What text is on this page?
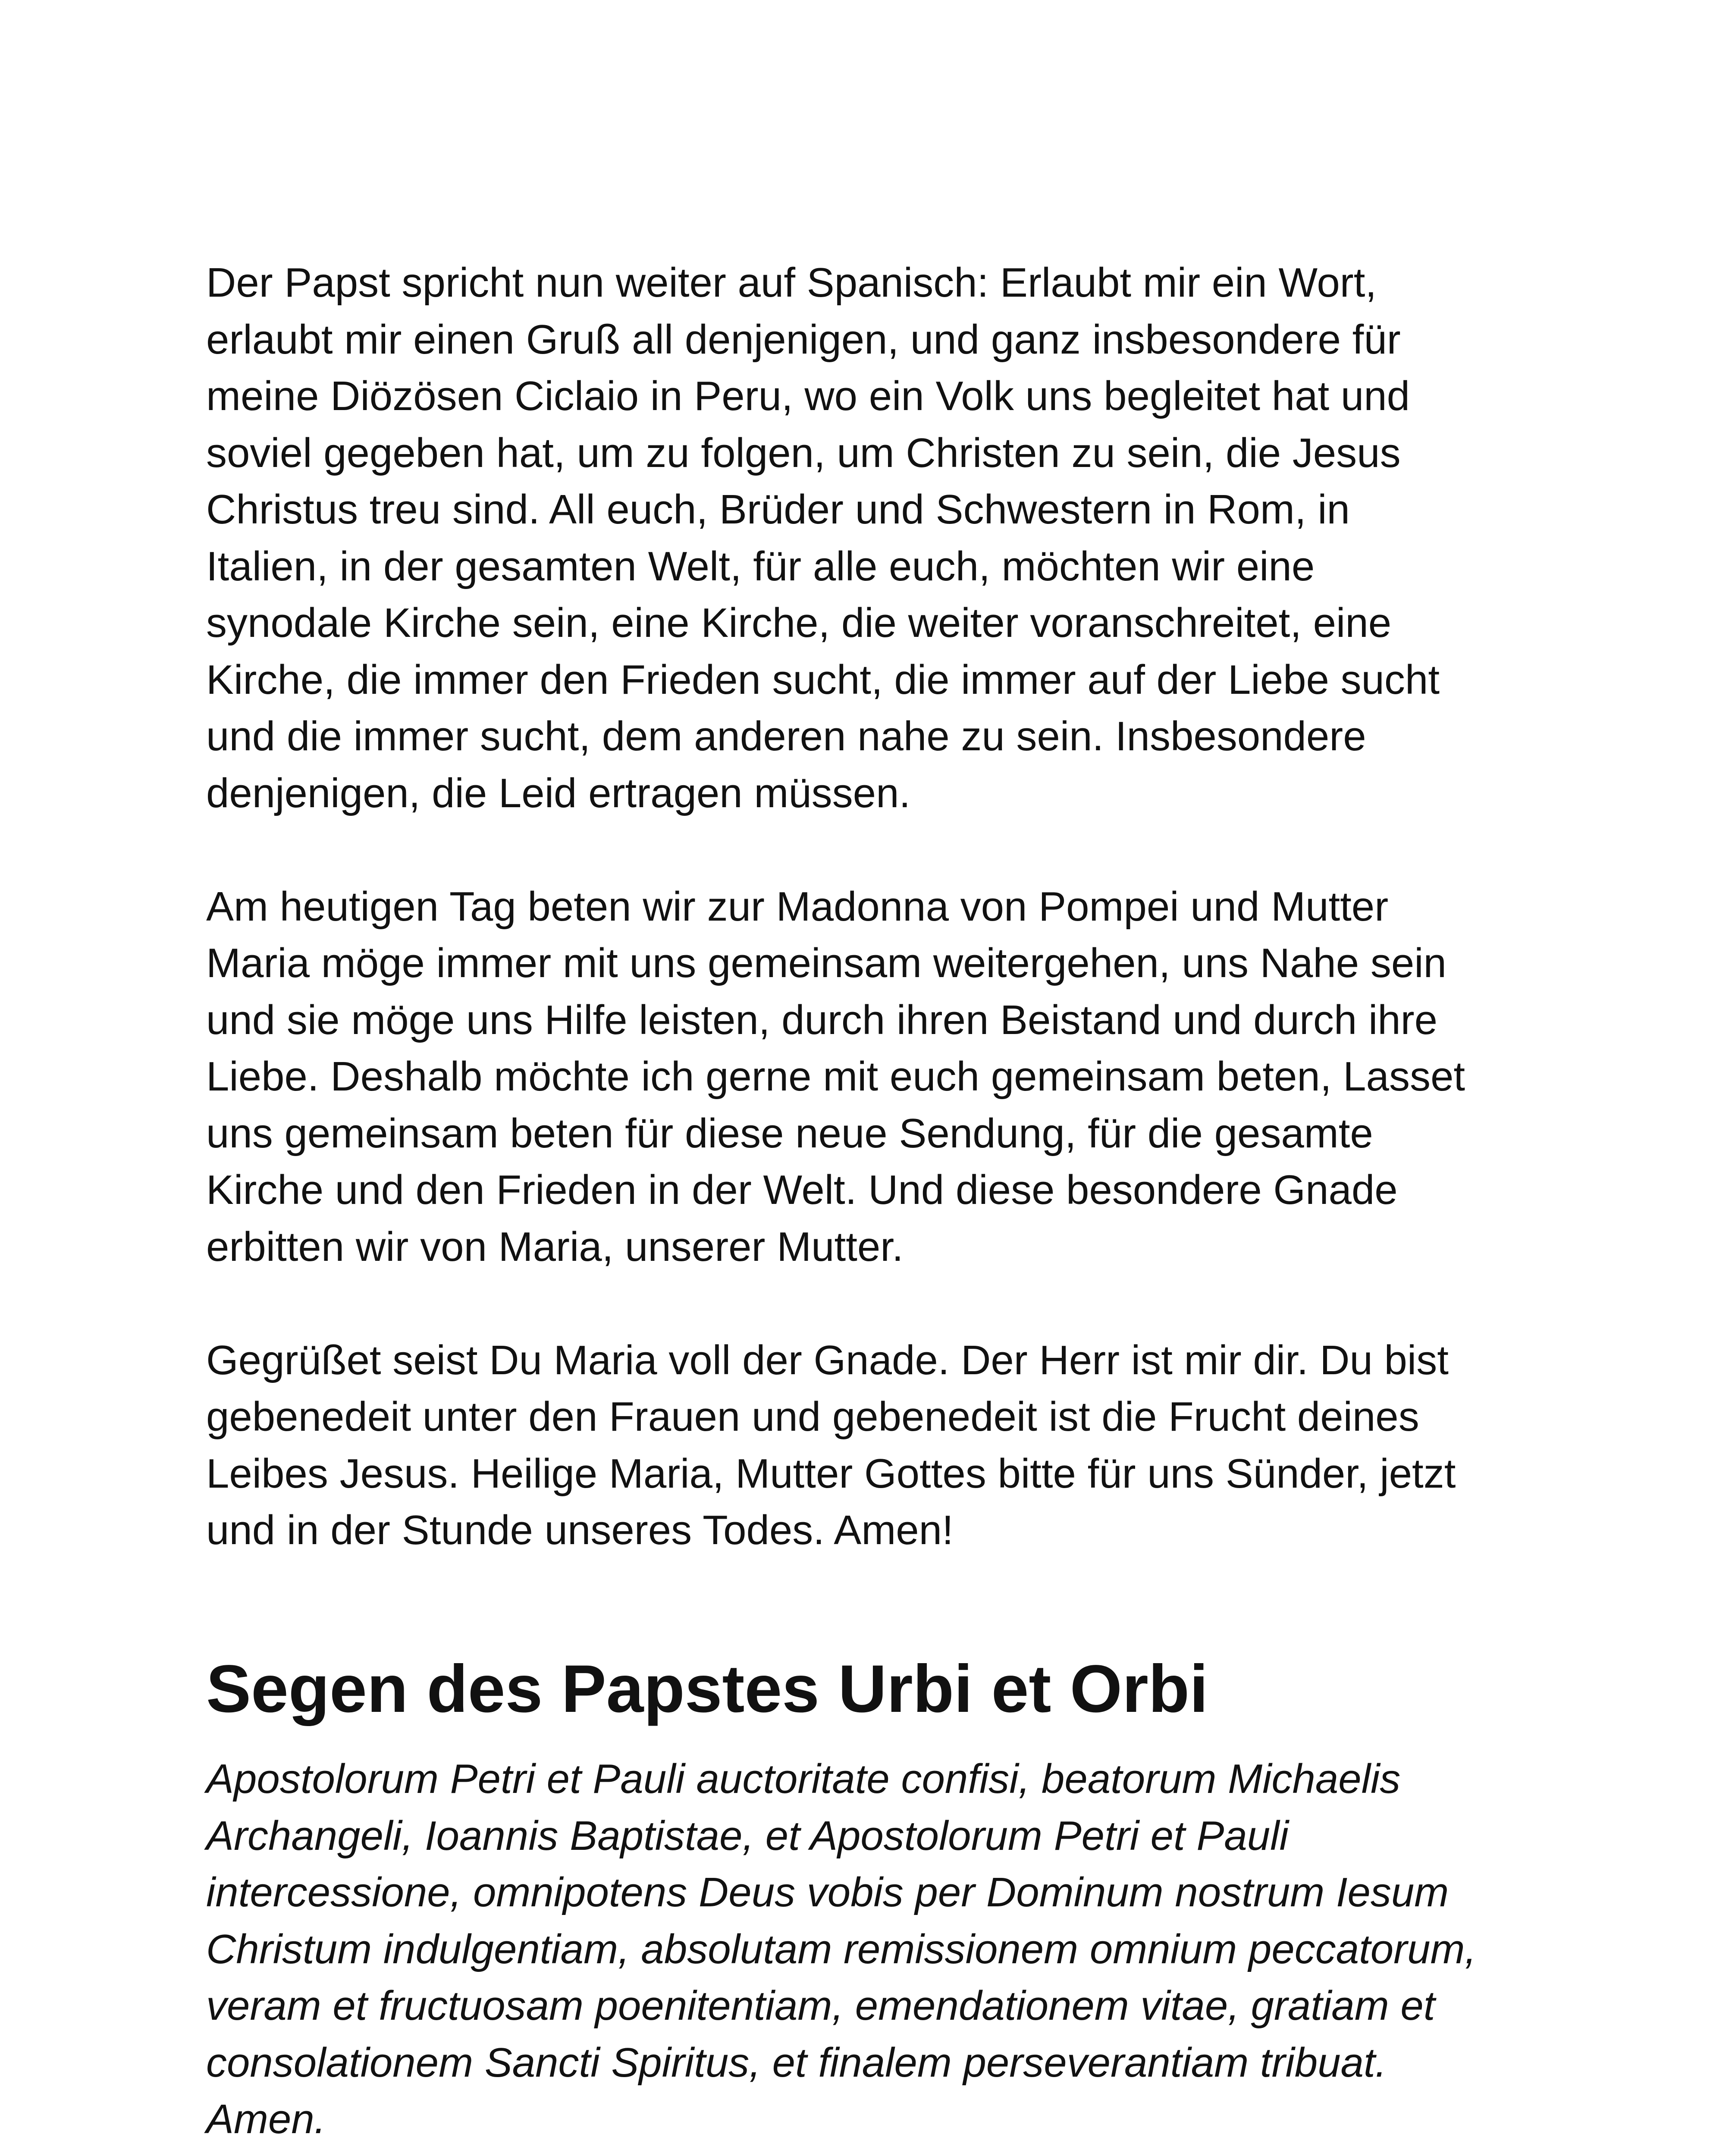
Der Papst spricht nun weiter auf Spanisch: Erlaubt mir ein Wort,
erlaubt mir einen Gruß all denjenigen, und ganz insbesondere für
meine Diözösen Ciclaio in Peru, wo ein Volk uns begleitet hat und
soviel gegeben hat, um zu folgen, um Christen zu sein, die Jesus
Christus treu sind. All euch, Brüder und Schwestern in Rom, in
Italien, in der gesamten Welt, für alle euch, möchten wir eine
synodale Kirche sein, eine Kirche, die weiter voranschreitet, eine
Kirche, die immer den Frieden sucht, die immer auf der Liebe sucht
und die immer sucht, dem anderen nahe zu sein. Insbesondere
denjenigen, die Leid ertragen müssen.

Am heutigen Tag beten wir zur Madonna von Pompei und Mutter
Maria möge immer mit uns gemeinsam weitergehen, uns Nahe sein
und sie möge uns Hilfe leisten, durch ihren Beistand und durch ihre
Liebe. Deshalb möchte ich gerne mit euch gemeinsam beten, Lasset
uns gemeinsam beten für diese neue Sendung, für die gesamte
Kirche und den Frieden in der Welt. Und diese besondere Gnade
erbitten wir von Maria, unserer Mutter.

Gegrüßet seist Du Maria voll der Gnade. Der Herr ist mir dir. Du bist
gebenedeit unter den Frauen und gebenedeit ist die Frucht deines
Leibes Jesus. Heilige Maria, Mutter Gottes bitte für uns Sünder, jetzt
und in der Stunde unseres Todes. Amen!

Segen des Papstes Urbi et Orbi

Apostolorum Petri et Pauli auctoritate confisi, beatorum Michaelis
Archangeli, Ioannis Baptistae, et Apostolorum Petri et Pauli
intercessione, omnipotens Deus vobis per Dominum nostrum Iesum
Christum indulgentiam, absolutam remissionem omnium peccatorum,
veram et fructuosam poenitentiam, emendationem vitae, gratiam et
consolationem Sancti Spiritus, et finalem perseverantiam tribuat.
Amen.
